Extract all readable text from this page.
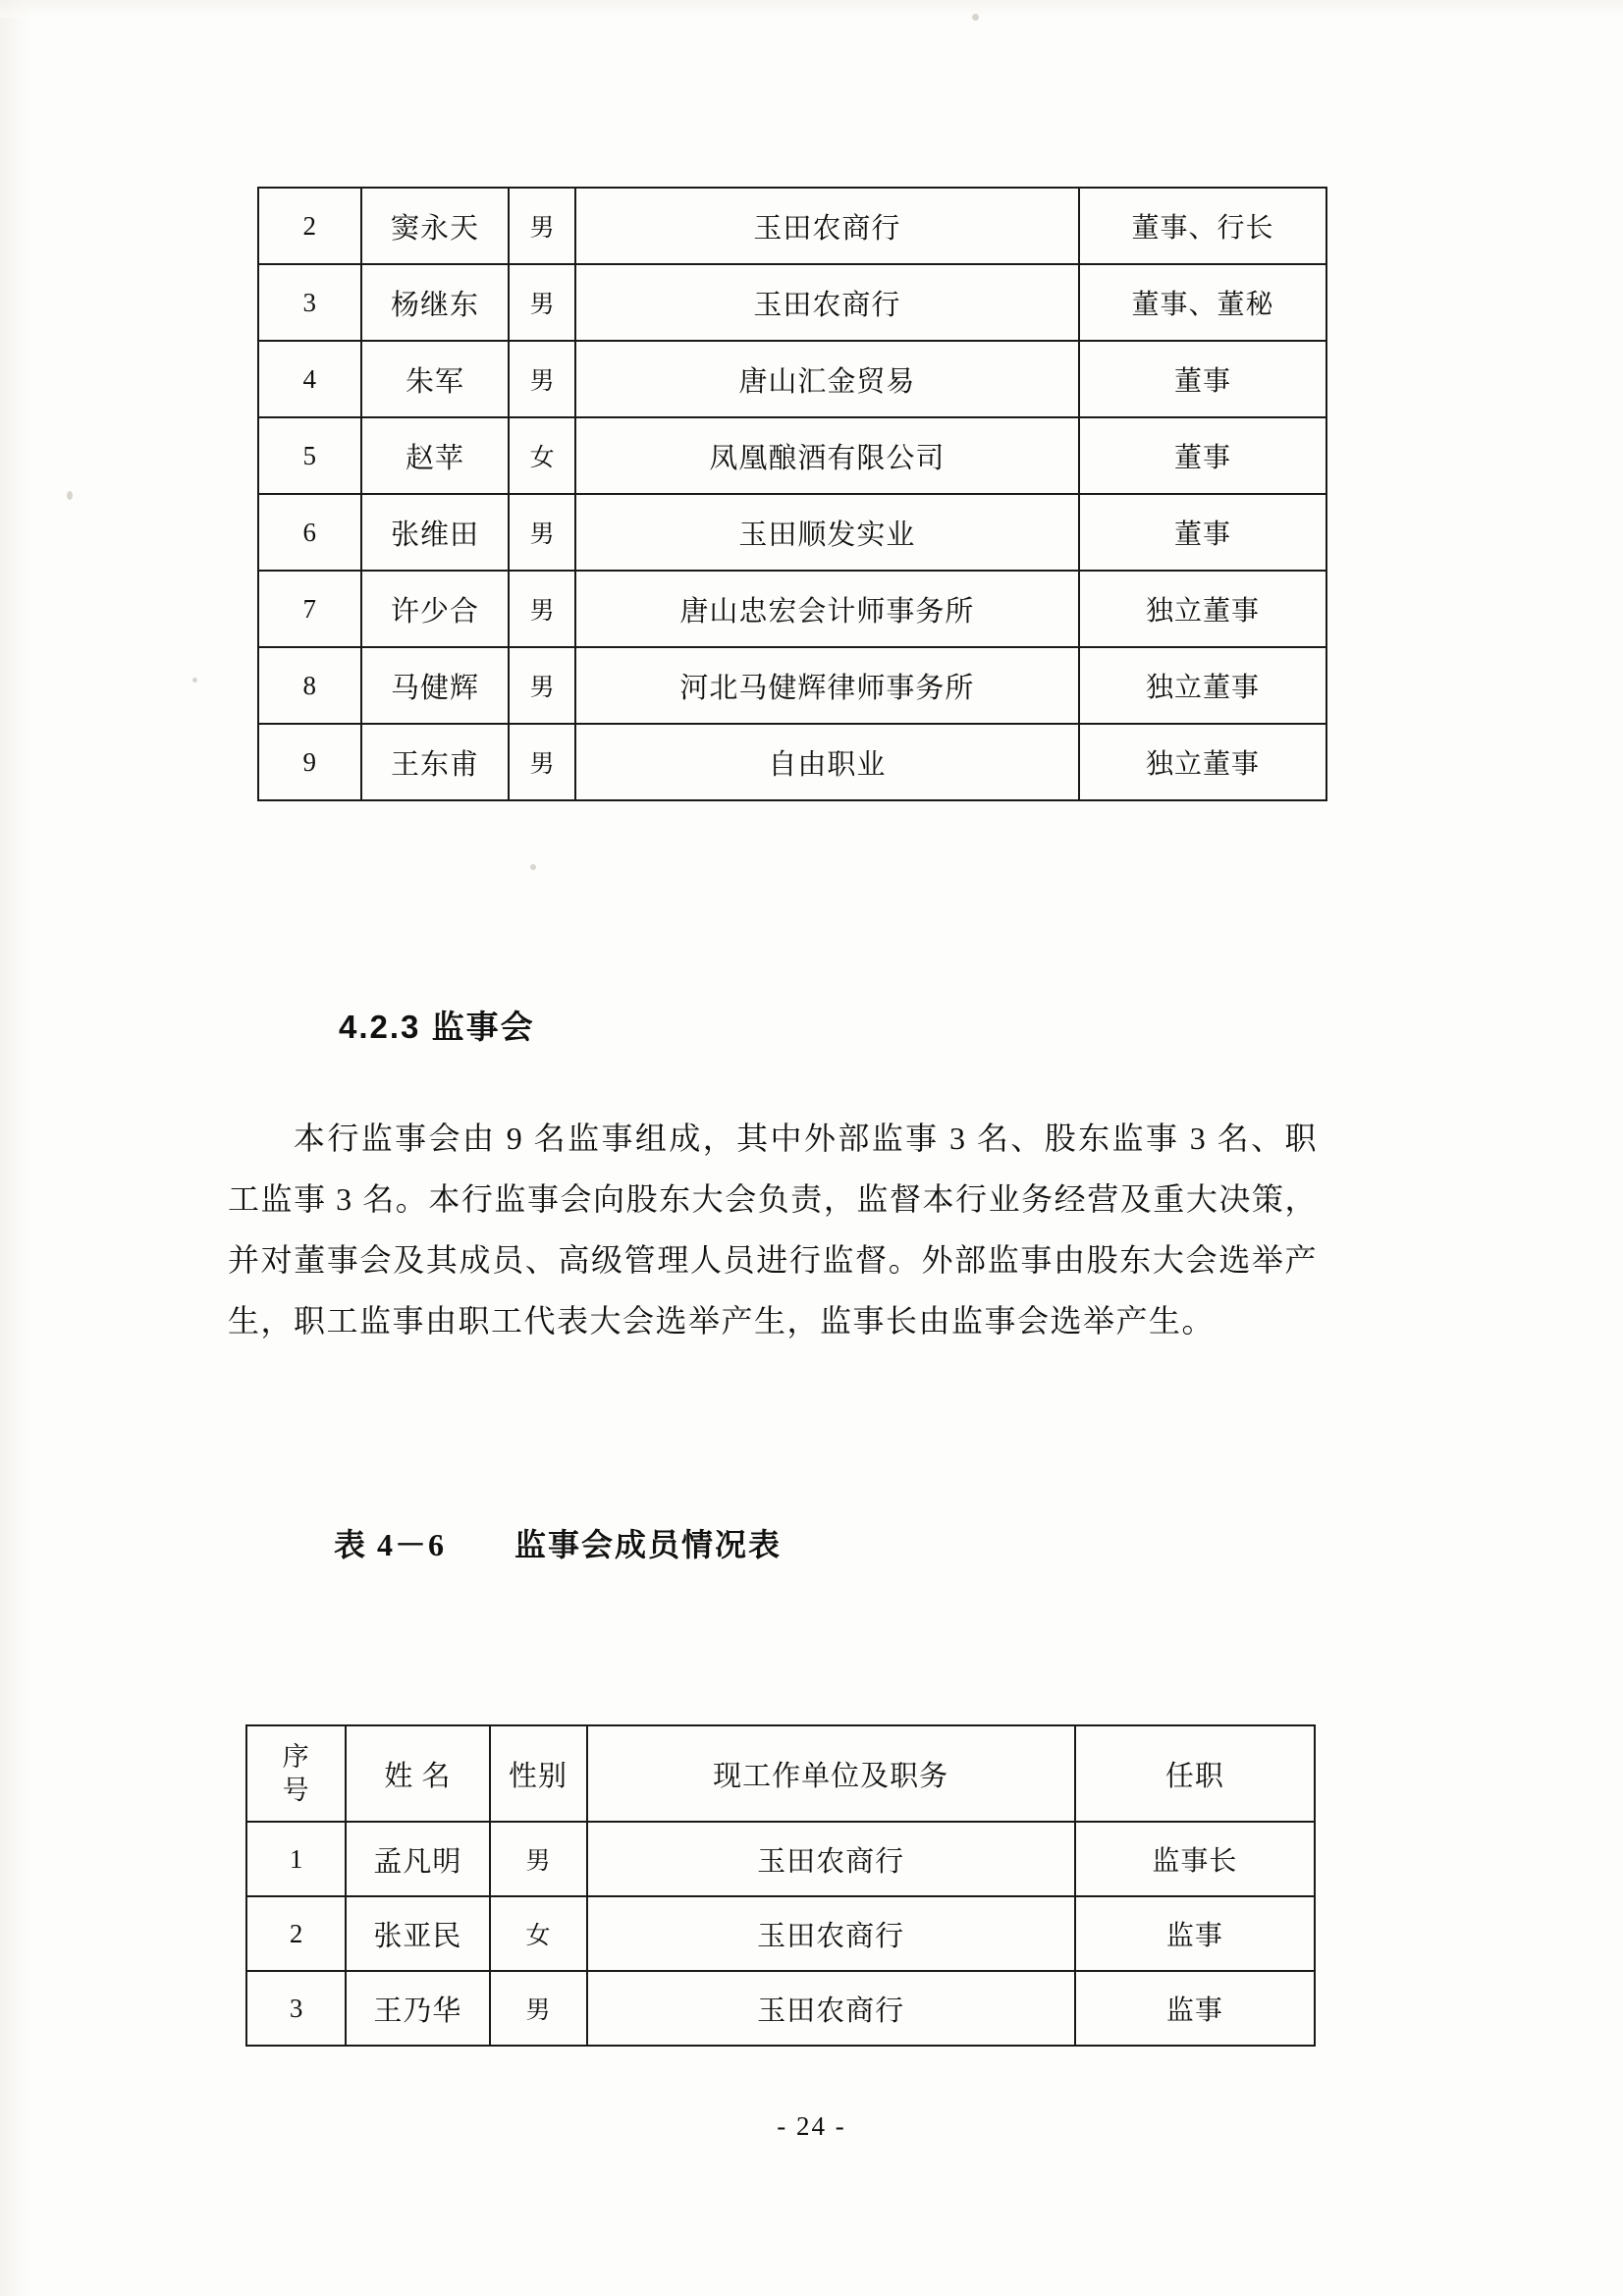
2	窦永天	男	玉田农商行	董事、行长
3	杨继东	男	玉田农商行	董事、董秘
4	朱军	男	唐山汇金贸易	董事
5	赵苹	女	凤凰酿酒有限公司	董事
6	张维田	男	玉田顺发实业	董事
7	许少合	男	唐山忠宏会计师事务所	独立董事
8	马健辉	男	河北马健辉律师事务所	独立董事
9	王东甫	男	自由职业	独立董事
4.2.3 监事会
本行监事会由 9 名监事组成，其中外部监事 3 名、股东监事 3 名、职工监事 3 名。本行监事会向股东大会负责，监督本行业务经营及重大决策，并对董事会及其成员、高级管理人员进行监督。外部监事由股东大会选举产生，职工监事由职工代表大会选举产生，监事长由监事会选举产生。
表 4－6 监事会成员情况表
序
号	姓 名	性别	现工作单位及职务	任职
1	孟凡明	男	玉田农商行	监事长
2	张亚民	女	玉田农商行	监事
3	王乃华	男	玉田农商行	监事
- 24 -
